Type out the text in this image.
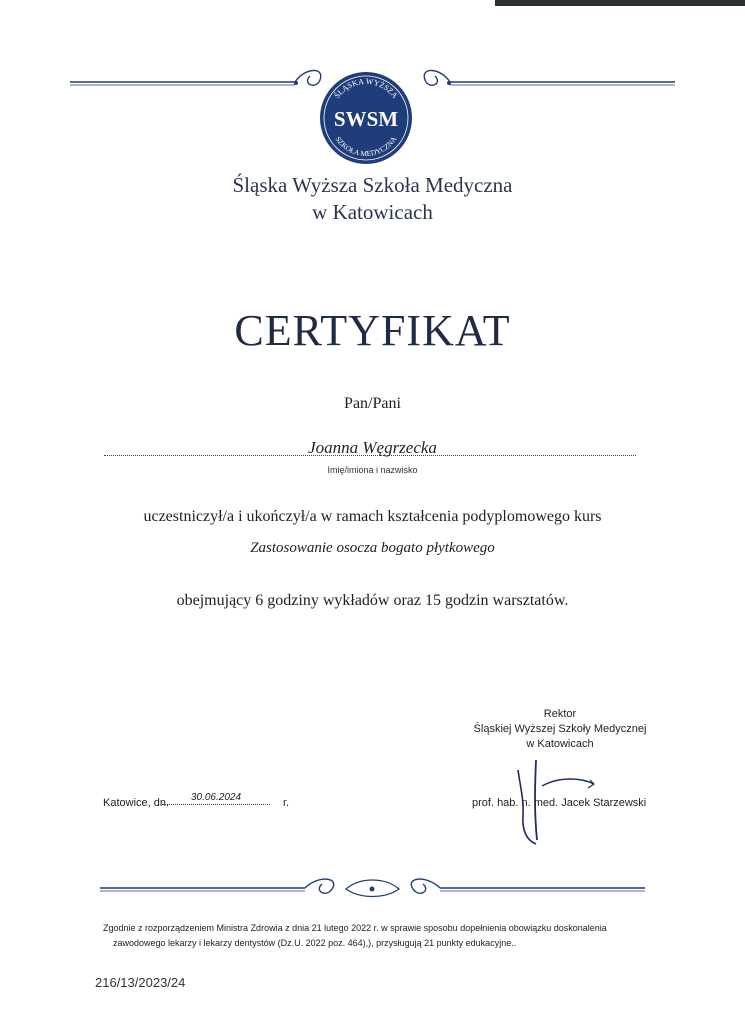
ŚLĄSKA WYŻSZA
SWSM
SZKOŁA MEDYCZNA
Śląska Wyższa Szkoła Medyczna
w Katowicach
CERTYFIKAT
Pan/Pani
Joanna Węgrzecka
Imię/imiona i nazwisko
uczestniczył/a i ukończył/a w ramach kształcenia podyplomowego kurs
Zastosowanie osocza bogato płytkowego
obejmujący 6 godziny wykładów oraz 15 godzin warsztatów.
Rektor
Śląskiej Wyższej Szkoły Medycznej
w Katowicach
Katowice, dn.	30.06.2024	r.	prof. hab. n. med. Jacek Starzewski
Zgodnie z rozporządzeniem Ministra Zdrowia z dnia 21 lutego 2022 r. w sprawie sposobu dopełnienia obowiązku doskonalenia
zawodowego lekarzy i lekarzy dentystów (Dz.U. 2022 poz. 464),), przysługują 21 punkty edukacyjne..
216/13/2023/24
